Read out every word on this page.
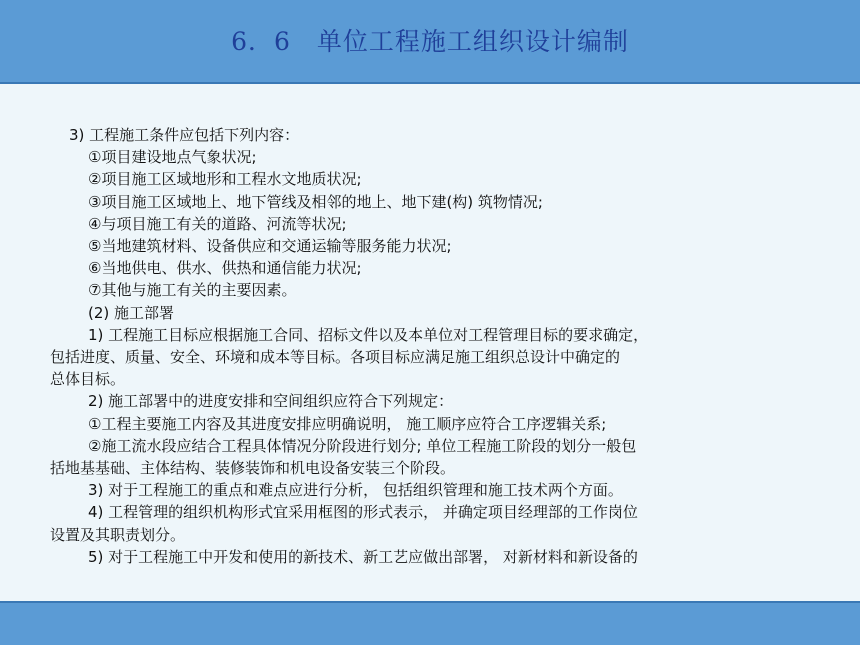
6．6　单位工程施工组织设计编制
3) 工程施工条件应包括下列内容：
①项目建设地点气象状况;
②项目施工区域地形和工程水文地质状况;
③项目施工区域地上、地下管线及相邻的地上、地下建(构) 筑物情况;
④与项目施工有关的道路、河流等状况;
⑤当地建筑材料、设备供应和交通运输等服务能力状况;
⑥当地供电、供水、供热和通信能力状况;
⑦其他与施工有关的主要因素。
(2) 施工部署
1) 工程施工目标应根据施工合同、招标文件以及本单位对工程管理目标的要求确定，
包括进度、质量、安全、环境和成本等目标。各项目标应满足施工组织总设计中确定的
总体目标。
2) 施工部署中的进度安排和空间组织应符合下列规定：
①工程主要施工内容及其进度安排应明确说明， 施工顺序应符合工序逻辑关系;
②施工流水段应结合工程具体情况分阶段进行划分; 单位工程施工阶段的划分一般包
括地基基础、主体结构、装修装饰和机电设备安装三个阶段。
3) 对于工程施工的重点和难点应进行分析， 包括组织管理和施工技术两个方面。
4) 工程管理的组织机构形式宜采用框图的形式表示， 并确定项目经理部的工作岗位
设置及其职责划分。
5) 对于工程施工中开发和使用的新技术、新工艺应做出部署， 对新材料和新设备的
